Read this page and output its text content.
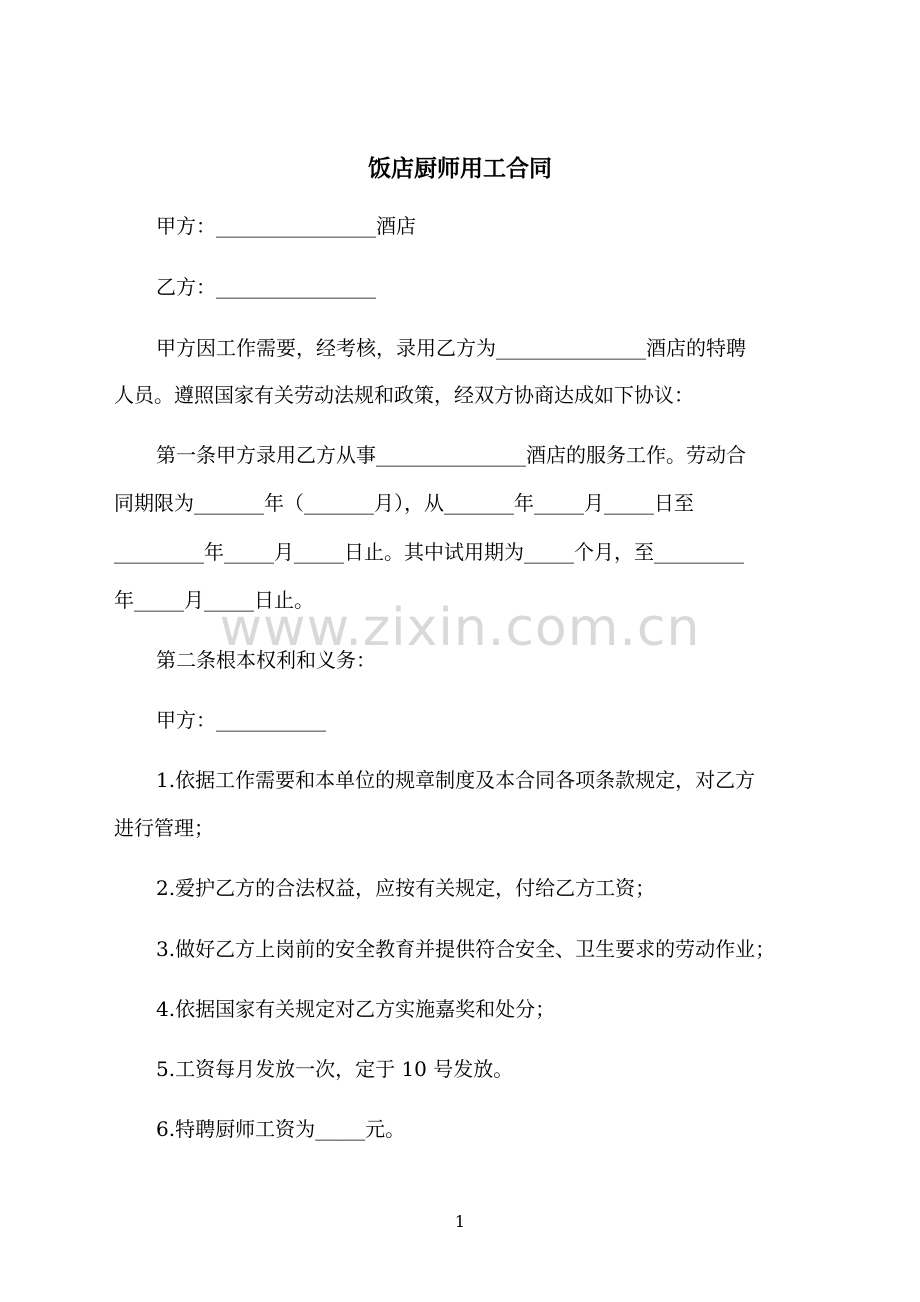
饭店厨师用工合同
甲方：________________酒店
乙方：________________
甲方因工作需要，经考核，录用乙方为_______________酒店的特聘
人员。遵照国家有关劳动法规和政策，经双方协商达成如下协议：
第一条甲方录用乙方从事_______________酒店的服务工作。劳动合
同期限为_______年（_______月），从_______年_____月_____日至
_________年_____月_____日止。其中试用期为_____个月，至_________
年_____月_____日止。
www.zixin.com.cn
第二条根本权利和义务：
甲方：___________
1.依据工作需要和本单位的规章制度及本合同各项条款规定，对乙方
进行管理；
2.爱护乙方的合法权益，应按有关规定，付给乙方工资；
3.做好乙方上岗前的安全教育并提供符合安全、卫生要求的劳动作业；
4.依据国家有关规定对乙方实施嘉奖和处分；
5.工资每月发放一次，定于 10 号发放。
6.特聘厨师工资为_____元。
1
